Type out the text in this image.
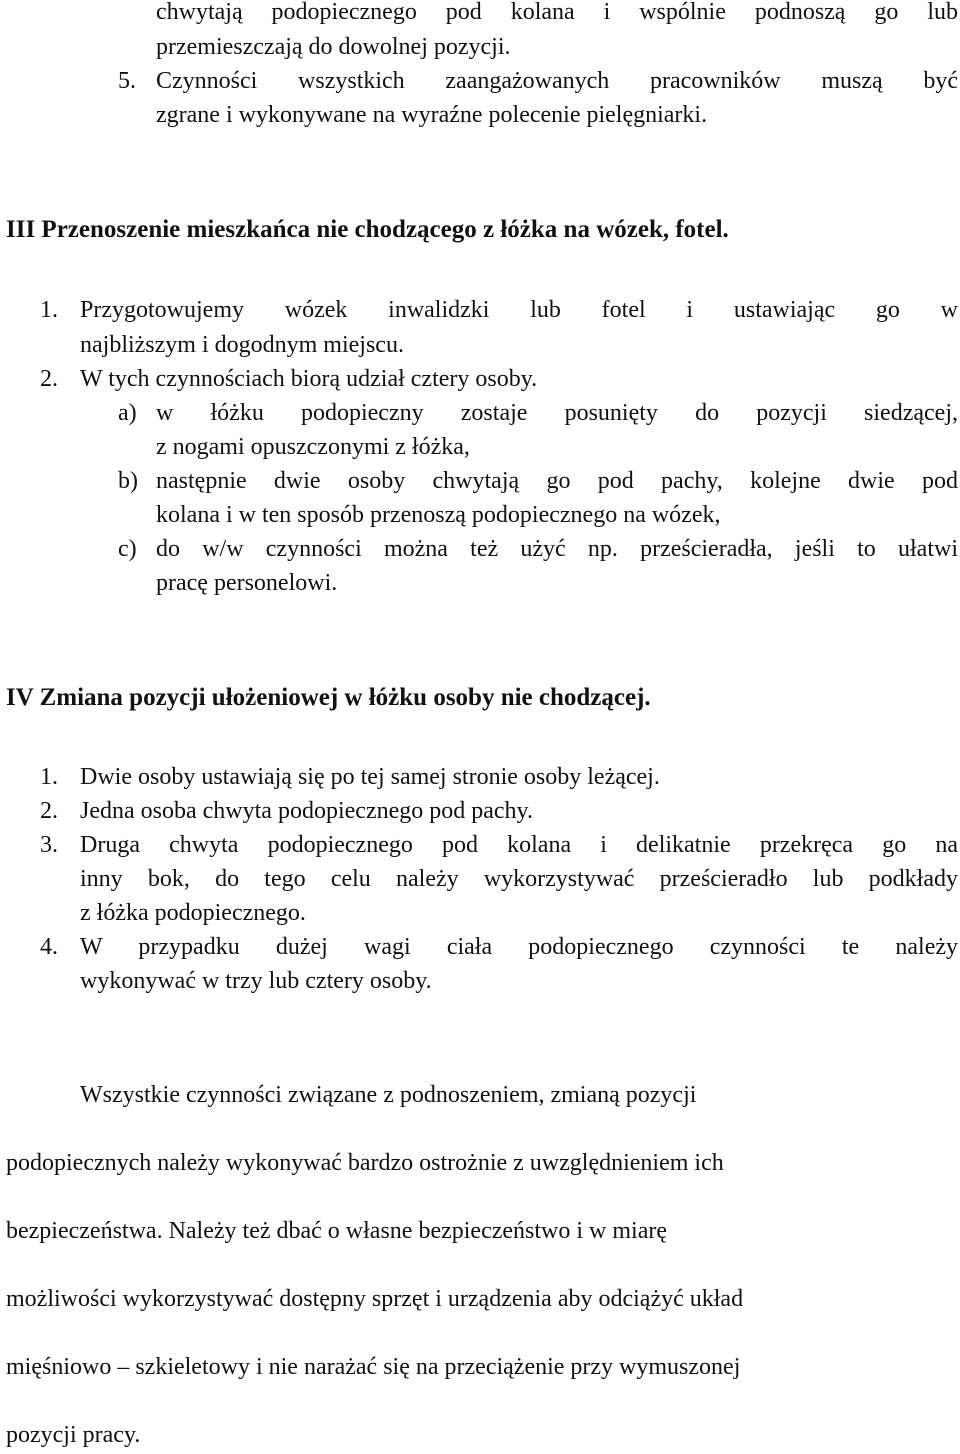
chwytają podopiecznego pod kolana i wspólnie podnoszą go lub
przemieszczają do dowolnej pozycji.
5. Czynności wszystkich zaangażowanych pracowników muszą być
zgrane i wykonywane na wyraźne polecenie pielęgniarki.
III Przenoszenie mieszkańca nie chodzącego z łóżka na wózek, fotel.
1. Przygotowujemy wózek inwalidzki lub fotel i ustawiając go w
najbliższym i dogodnym miejscu.
2. W tych czynnościach biorą udział cztery osoby.
a) w łóżku podopieczny zostaje posunięty do pozycji siedzącej,
z nogami opuszczonymi z łóżka,
b) następnie dwie osoby chwytają go pod pachy, kolejne dwie pod
kolana i w ten sposób przenoszą podopiecznego na wózek,
c) do w/w czynności można też użyć np. prześcieradła, jeśli to ułatwi
pracę personelowi.
IV Zmiana pozycji ułożeniowej w łóżku osoby nie chodzącej.
1. Dwie osoby ustawiają się po tej samej stronie osoby leżącej.
2. Jedna osoba chwyta podopiecznego pod pachy.
3. Druga chwyta podopiecznego pod kolana i delikatnie przekręca go na
inny bok, do tego celu należy wykorzystywać prześcieradło lub podkłady
z łóżka podopiecznego.
4. W przypadku dużej wagi ciała podopiecznego czynności te należy
wykonywać w trzy lub cztery osoby.
Wszystkie czynności związane z podnoszeniem, zmianą pozycji
podopiecznych należy wykonywać bardzo ostrożnie z uwzględnieniem ich
bezpieczeństwa. Należy też dbać o własne bezpieczeństwo i w miarę
możliwości wykorzystywać dostępny sprzęt i urządzenia aby odciążyć układ
mięśniowo – szkieletowy i nie narażać się na przeciążenie przy wymuszonej
pozycji pracy.
